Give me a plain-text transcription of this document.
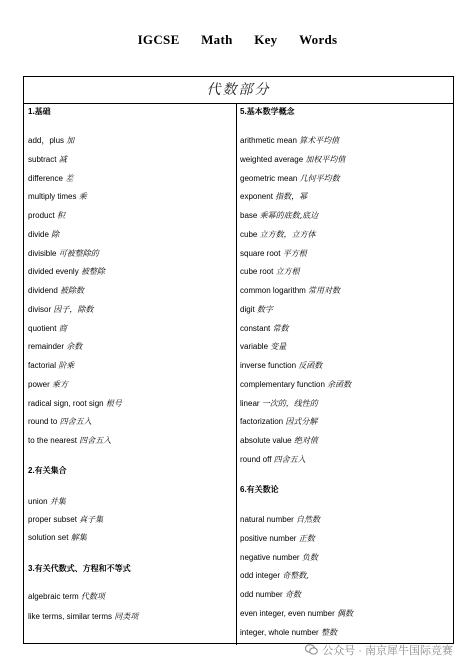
IGCSE Math Key Words
代数部分
1.基础
add，plus 加
subtract 减
difference 差
multiply times 乘
product 积
divide 除
divisible 可被整除的
divided evenly 被整除
dividend 被除数
divisor 因子，除数
quotient 商
remainder 余数
factorial 阶乘
power 乘方
radical sign, root sign 根号
round to 四舍五入
to the nearest 四舍五入
2.有关集合
union 并集
proper subset 真子集
solution set 解集
3.有关代数式、方程和不等式
algebraic term 代数项
like terms, similar terms 同类项
5.基本数学概念
arithmetic mean 算术平均值
weighted average 加权平均值
geometric mean 几何平均数
exponent 指数，幂
base 乘幂的底数,底边
cube 立方数，立方体
square root 平方根
cube root 立方根
common logarithm 常用对数
digit 数字
constant 常数
variable 变量
inverse function 反函数
complementary function 余函数
linear 一次的，线性的
factorization 因式分解
absolute value 绝对值
round off 四舍五入
6.有关数论
natural number 自然数
positive number 正数
negative number 负数
odd integer 奇整数,
odd number 奇数
even integer, even number 偶数
integer, whole number 整数
公众号 · 南京犀牛国际竞赛
